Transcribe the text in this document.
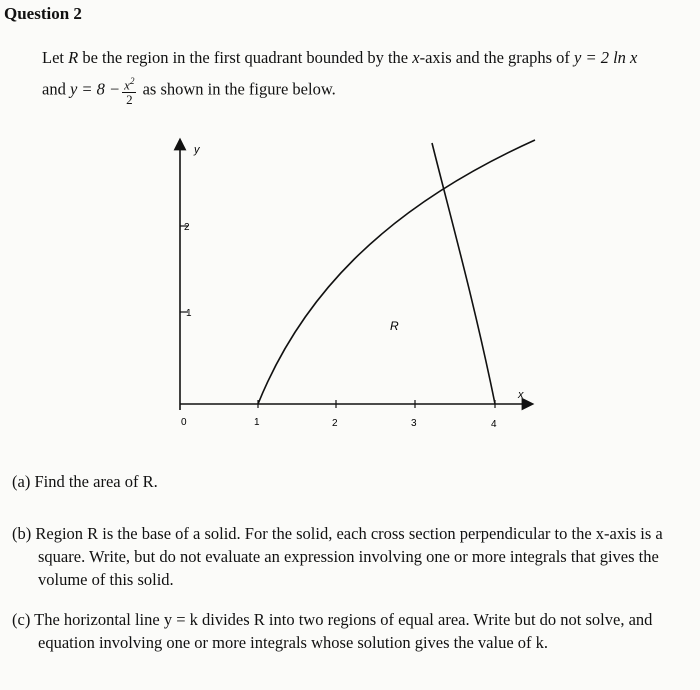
Question 2
Let R be the region in the first quadrant bounded by the x-axis and the graphs of y = 2 ln x
and $y = 8 - \frac{x^2}{2}$ as shown in the figure below.
y
x
R
2
1
0	1	2	3	4
(a) Find the area of R.
(b) Region R is the base of a solid. For the solid, each cross section perpendicular to the x-axis is a square. Write, but do not evaluate an expression involving one or more integrals that gives the volume of this solid.
(c) The horizontal line y = k divides R into two regions of equal area. Write but do not solve, and equation involving one or more integrals whose solution gives the value of k.
